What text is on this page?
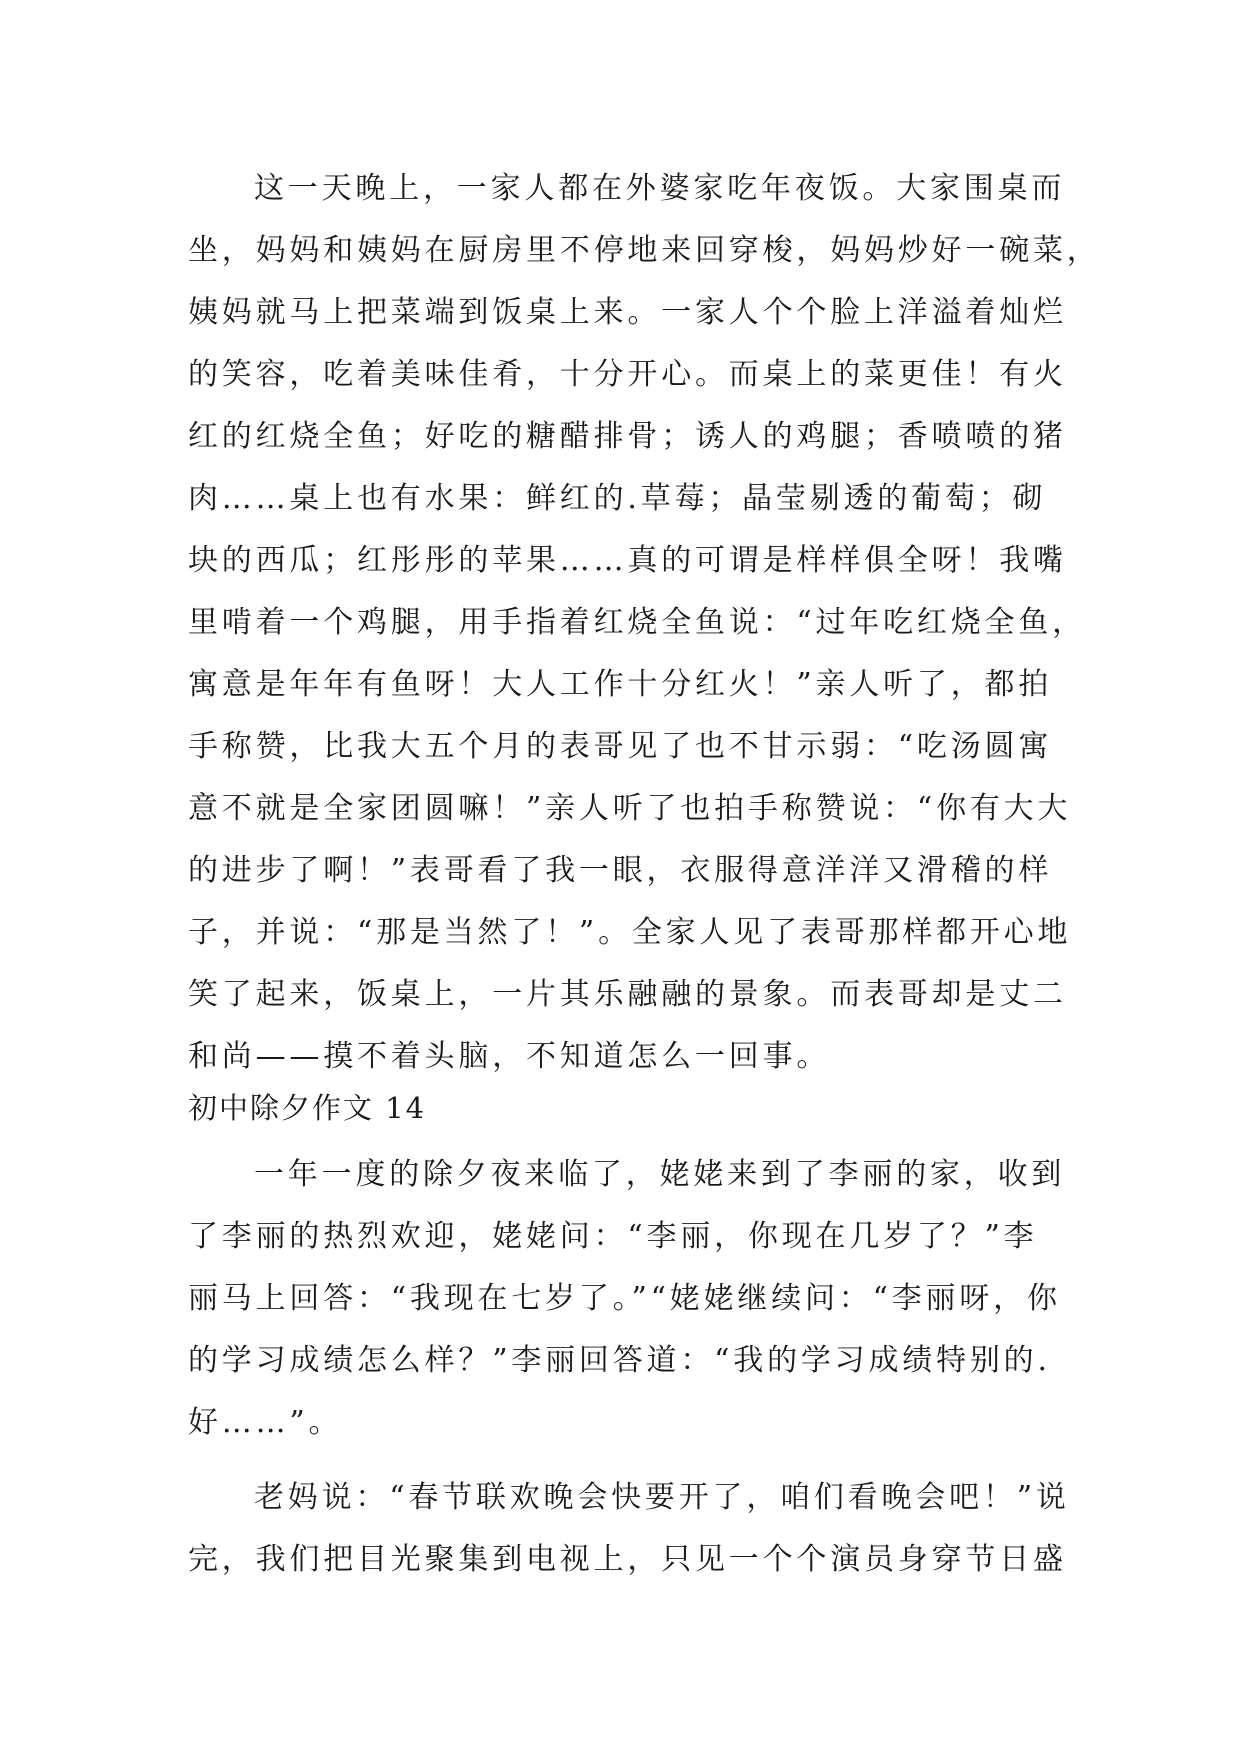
这一天晚上，一家人都在外婆家吃年夜饭。大家围桌而
坐，妈妈和姨妈在厨房里不停地来回穿梭，妈妈炒好一碗菜，
姨妈就马上把菜端到饭桌上来。一家人个个脸上洋溢着灿烂
的笑容，吃着美味佳肴，十分开心。而桌上的菜更佳！有火
红的红烧全鱼；好吃的糖醋排骨；诱人的鸡腿；香喷喷的猪
肉……桌上也有水果：鲜红的.草莓；晶莹剔透的葡萄；砌
块的西瓜；红彤彤的苹果……真的可谓是样样俱全呀！我嘴
里啃着一个鸡腿，用手指着红烧全鱼说：“过年吃红烧全鱼，
寓意是年年有鱼呀！大人工作十分红火！”亲人听了，都拍
手称赞，比我大五个月的表哥见了也不甘示弱：“吃汤圆寓
意不就是全家团圆嘛！”亲人听了也拍手称赞说：“你有大大
的进步了啊！”表哥看了我一眼，衣服得意洋洋又滑稽的样
子，并说：“那是当然了！”。全家人见了表哥那样都开心地
笑了起来，饭桌上，一片其乐融融的景象。而表哥却是丈二
和尚——摸不着头脑，不知道怎么一回事。
初中除夕作文 14
一年一度的除夕夜来临了，姥姥来到了李丽的家，收到
了李丽的热烈欢迎，姥姥问：“李丽，你现在几岁了？”李
丽马上回答：“我现在七岁了。”“姥姥继续问：“李丽呀，你
的学习成绩怎么样？”李丽回答道：“我的学习成绩特别的.
好……”。
老妈说：“春节联欢晚会快要开了，咱们看晚会吧！”说
完，我们把目光聚集到电视上，只见一个个演员身穿节日盛
